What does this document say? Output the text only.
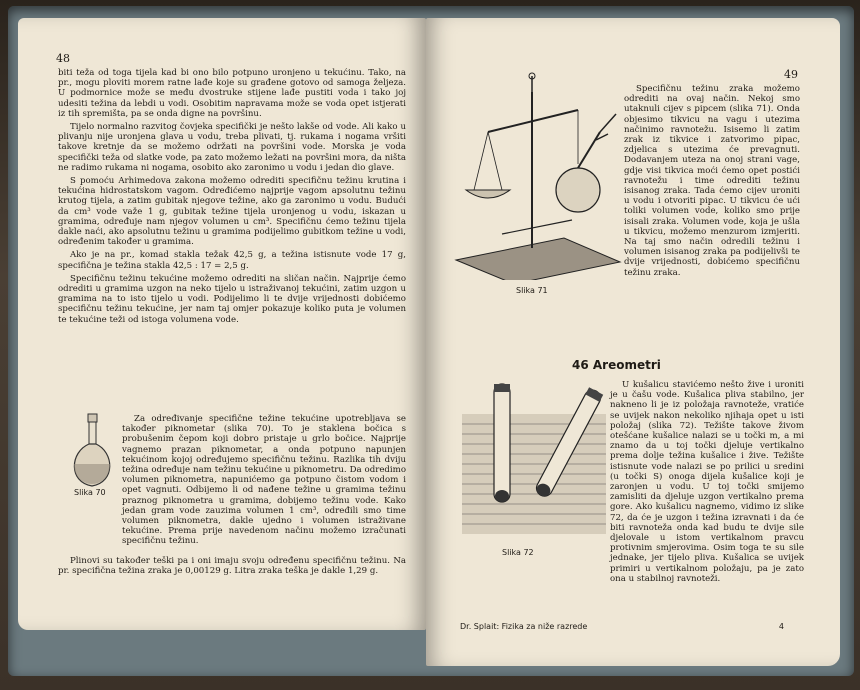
48

biti teža od toga tijela kad bi ono bilo potpuno uronjeno u tekućinu. Tako, na pr., mogu ploviti morem ratne lađe koje su građene gotovo od samoga željeza. U podmornice može se među dvostruke stijene lađe pustiti voda i tako joj udesiti težina da lebdi u vodi. Osobitim napravama može se voda opet istjerati iz tih spremišta, pa se onda digne na površinu.

Tijelo normalno razvitog čovjeka specifički je nešto lakše od vode. Ali kako u plivanju nije uronjena glava u vodu, treba plivati, tj. rukama i nogama vršiti takove kretnje da se možemo održati na površini vode. Morska je voda specifički teža od slatke vode, pa zato možemo ležati na površini mora, da ništa ne radimo rukama ni nogama, osobito ako zaronimo u vodu i jedan dio glave.

S pomoću Arhimedova zakona možemo odrediti specifičnu težinu krutina i tekućina hidrostatskom vagom. Određićemo najprije vagom apsolutnu težinu krutog tijela, a zatim gubitak njegove težine, ako ga zaronimo u vodu. Budući da cm³ vode važe 1 g, gubitak težine tijela uronjenog u vodu, iskazan u gramima, određuje nam njegov volumen u cm³. Specifičnu ćemo težinu tijela dakle naći, ako apsolutnu težinu u gramima podijelimo gubitkom težine u vodi, određenim također u gramima.

Ako je na pr., komad stakla težak 42,5 g, a težina istisnute vode 17 g, specifična je težina stakla 42,5 : 17 = 2,5 g.

Specifičnu težinu tekućine možemo odrediti na sličan način. Najprije ćemo odrediti u gramima uzgon na neko tijelo u istraživanoj tekućini, zatim uzgon u gramima na to isto tijelo u vodi. Podijelimo li te dvije vrijednosti dobićemo specifičnu težinu tekućine, jer nam taj omjer pokazuje koliko puta je volumen te tekućine teži od istoga volumena vode.

Slika 70

Za određivanje specifične težine tekućine upotrebljava se također piknometar (slika 70). To je staklena bočica s probušenim čepom koji dobro pristaje u grlo bočice. Najprije vagnemo prazan piknometar, a onda potpuno napunjen tekućinom kojoj određujemo specifičnu težinu. Razlika tih dviju težina određuje nam težinu tekućine u piknometru. Da odredimo volumen piknometra, napunićemo ga potpuno čistom vodom i opet vagnuti. Odbijemo li od nađene težine u gramima težinu praznog piknometra u gramima, dobijemo težinu vode. Kako jedan gram vode zauzima volumen 1 cm³, određili smo time volumen piknometra, dakle ujedno i volumen istraživane tekućine. Prema prije navedenom načinu možemo izračunati specifičnu težinu.

Plinovi su također teški pa i oni imaju svoju određenu specifičnu težinu. Na pr. specifična težina zraka je 0,00129 g. Litra zraka teška je dakle 1,29 g.

49
Slika 71

Specifičnu težinu zraka možemo odrediti na ovaj način. Nekoj smo utaknuli cijev s pipcem (slika 71). Onda objesimo tikvicu na vagu i utezima načinimo ravnotežu. Isisemo li zatim zrak iz tikvice i zatvorimo pipac, zdjelica s utezima će prevagnuti. Dodavanjem uteza na onoj strani vage, gdje visi tikvica moći ćemo opet postići ravnotežu i time odrediti težinu isisanog zraka. Tada ćemo cijev uroniti u vodu i otvoriti pipac. U tikvicu će ući toliki volumen vode, koliko smo prije isisali zraka. Volumen vode, koja je ušla u tikvicu, možemo menzurom izmjeriti. Na taj smo način odredili težinu i volumen isisanog zraka pa podijelivši te dvije vrijednosti, dobićemo specifičnu težinu zraka.

46 Areometri
Slika 72

U kušalicu stavićemo nešto žive i uroniti je u čašu vode. Kušalica pliva stabilno, jer nakneno li je iz položaja ravnoteže, vratiće se uvijek nakon nekoliko njihaja opet u isti položaj (slika 72). Težište takove živom otešćane kušalice nalazi se u točki m, a mi znamo da u toj točki djeluje vertikalno prema dolje težina kušalice i žive. Težište istisnute vode nalazi se po prilici u sredini (u točki S) onoga dijela kušalice koji je zaronjen u vodu. U toj točki smijemo zamisliti da djeluje uzgon vertikalno prema gore. Ako kušalicu nagnemo, vidimo iz slike 72, da će je uzgon i težina izravnati i da će biti ravnoteža onda kad budu te dvije sile djelovale u istom vertikalnom pravcu protivnim smjerovima. Osim toga te su sile jednake, jer tijelo pliva. Kušalica se uvijek primiri u vertikalnom položaju, pa je zato ona u stabilnoj ravnoteži.

Dr. Splait: Fizika za niže razrede	4
